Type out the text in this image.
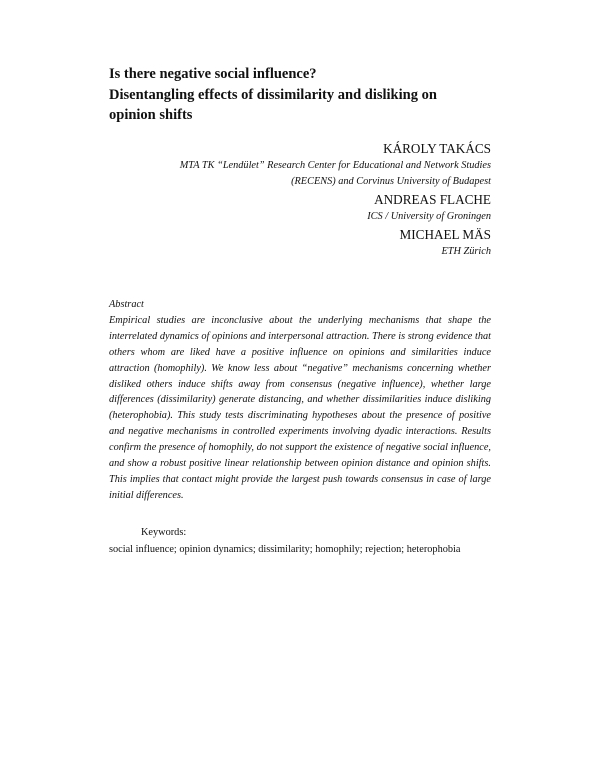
Is there negative social influence?
Disentangling effects of dissimilarity and disliking on
opinion shifts
KÁROLY TAKÁCS
MTA TK “Lendület” Research Center for Educational and Network Studies
(RECENS) and Corvinus University of Budapest
ANDREAS FLACHE
ICS / University of Groningen
MICHAEL MÄS
ETH Zürich
Abstract
Empirical studies are inconclusive about the underlying mechanisms that shape the interrelated dynamics of opinions and interpersonal attraction. There is strong evidence that others whom are liked have a positive influence on opinions and similarities induce attraction (homophily). We know less about “negative” mechanisms concerning whether disliked others induce shifts away from consensus (negative influence), whether large differences (dissimilarity) generate distancing, and whether dissimilarities induce disliking (heterophobia). This study tests discriminating hypotheses about the presence of positive and negative mechanisms in controlled experiments involving dyadic interactions. Results confirm the presence of homophily, do not support the existence of negative social influence, and show a robust positive linear relationship between opinion distance and opinion shifts. This implies that contact might provide the largest push towards consensus in case of large initial differences.
Keywords:
social influence; opinion dynamics; dissimilarity; homophily; rejection; heterophobia
